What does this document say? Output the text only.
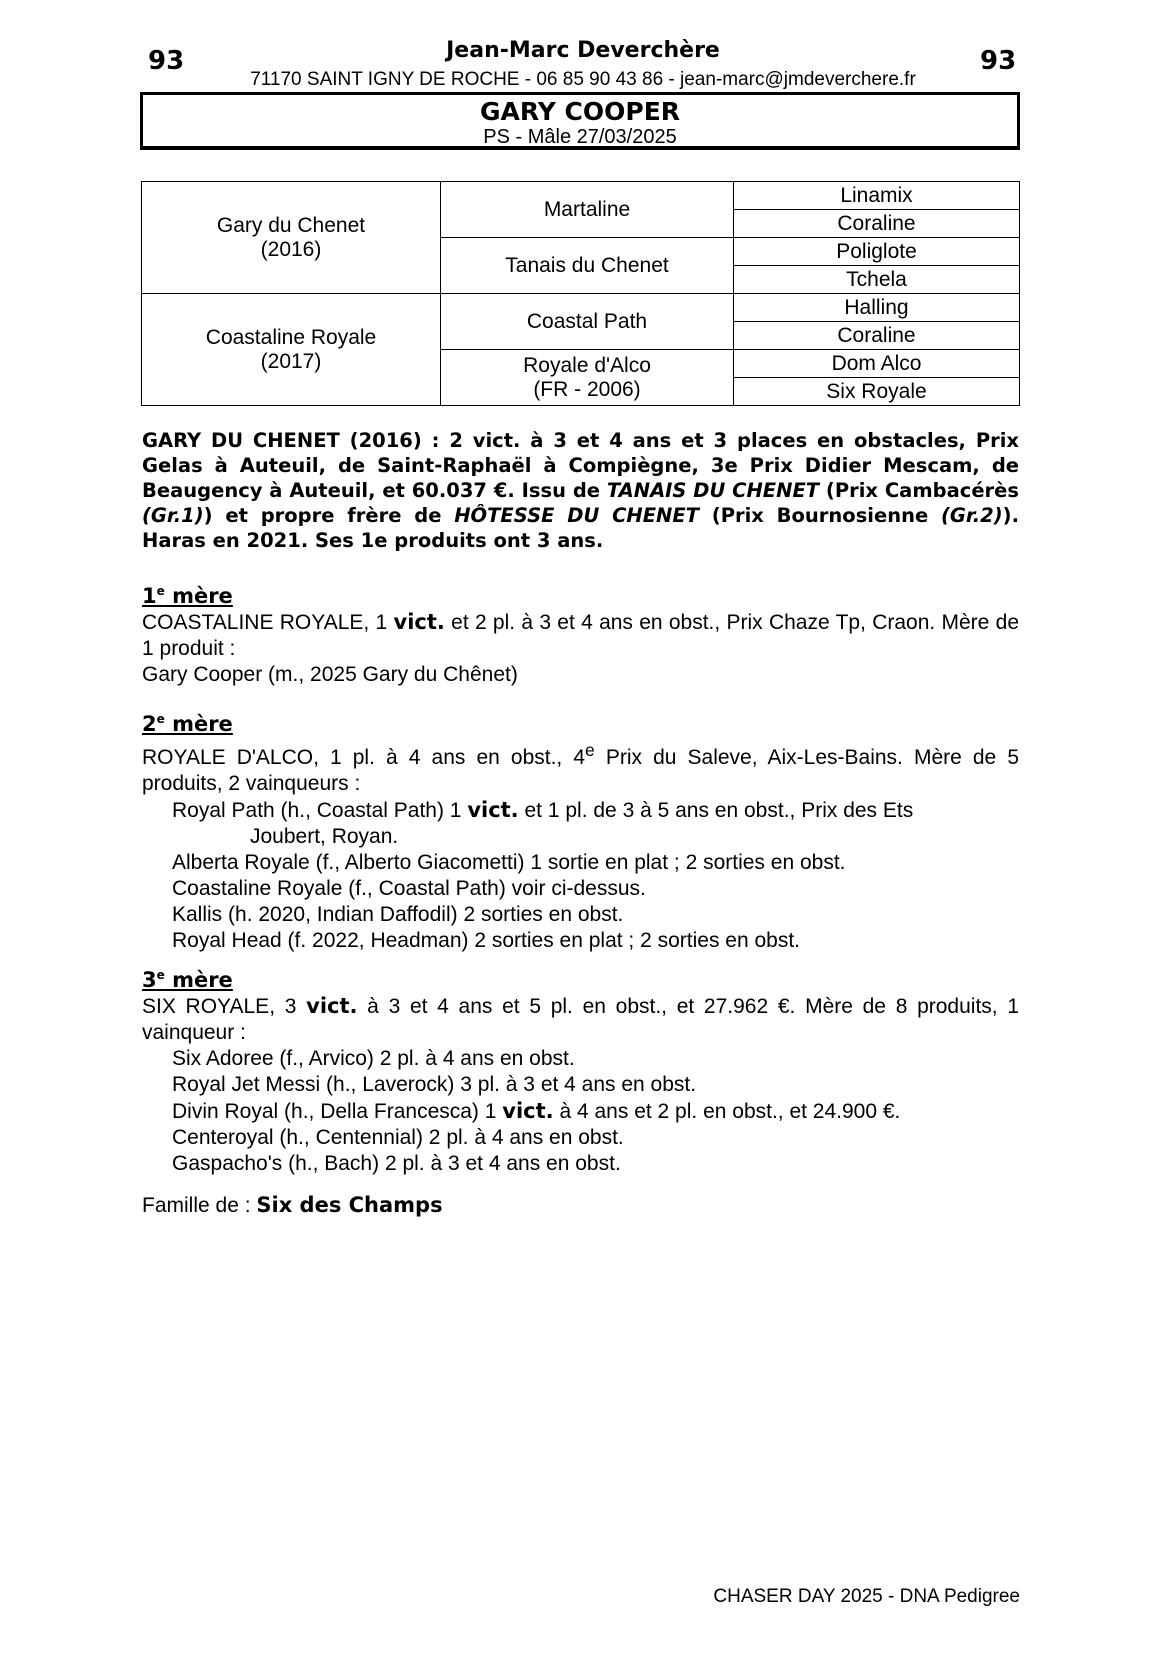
93	Jean-Marc Deverchère
71170 SAINT IGNY DE ROCHE - 06 85 90 43 86 - jean-marc@jmdeverchere.fr
93
GARY COOPER
PS - Mâle 27/03/2025
Gary du Chenet
(2016)	Martaline	Linamix
		Coraline
	Tanais du Chenet	Poliglote
		Tchela

Coastaline Royale
(2017)	Coastal Path	Halling
		Coraline

	Royale d'Alco
(FR - 2006)	Dom Alco
		Six Royale
GARY DU CHENET (2016) : 2 vict. à 3 et 4 ans et 3 places en obstacles, Prix Gelas à Auteuil, de Saint-Raphaël à Compiègne, 3e Prix Didier Mescam, de Beaugency à Auteuil, et 60.037 €. Issu de TANAIS DU CHENET (Prix Cambacérès (Gr.1)) et propre frère de HÔTESSE DU CHENET (Prix Bournosienne (Gr.2)). Haras en 2021. Ses 1e produits ont 3 ans.
1e mère
COASTALINE ROYALE, 1 vict. et 2 pl. à 3 et 4 ans en obst., Prix Chaze Tp, Craon. Mère de 1 produit :
Gary Cooper (m., 2025 Gary du Chênet)
2e mère
ROYALE D'ALCO, 1 pl. à 4 ans en obst., 4e Prix du Saleve, Aix-Les-Bains. Mère de 5 produits, 2 vainqueurs :
Royal Path (h., Coastal Path) 1 vict. et 1 pl. de 3 à 5 ans en obst., Prix des Ets
Joubert, Royan.
Alberta Royale (f., Alberto Giacometti) 1 sortie en plat ; 2 sorties en obst.
Coastaline Royale (f., Coastal Path) voir ci-dessus.
Kallis (h. 2020, Indian Daffodil) 2 sorties en obst.
Royal Head (f. 2022, Headman) 2 sorties en plat ; 2 sorties en obst.
3e mère
SIX ROYALE, 3 vict. à 3 et 4 ans et 5 pl. en obst., et 27.962 €. Mère de 8 produits, 1 vainqueur :
Six Adoree (f., Arvico) 2 pl. à 4 ans en obst.
Royal Jet Messi (h., Laverock) 3 pl. à 3 et 4 ans en obst.
Divin Royal (h., Della Francesca) 1 vict. à 4 ans et 2 pl. en obst., et 24.900 €.
Centeroyal (h., Centennial) 2 pl. à 4 ans en obst.
Gaspacho's (h., Bach) 2 pl. à 3 et 4 ans en obst.
Famille de : Six des Champs
CHASER DAY 2025 - DNA Pedigree
